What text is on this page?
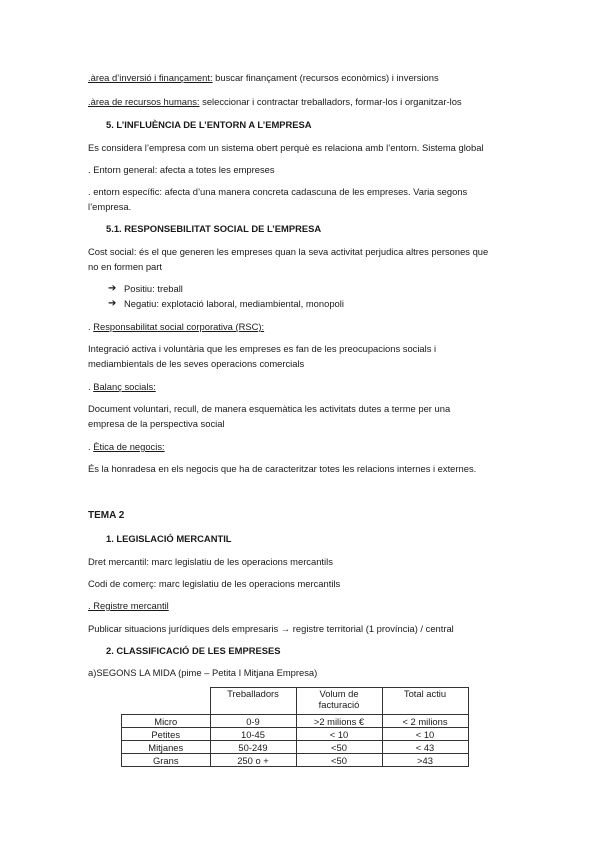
.àrea d’inversió i finançament: buscar finançament (recursos econòmics) i inversions
.àrea de recursos humans: seleccionar i contractar treballadors, formar-los i organitzar-los
5. L’INFLUÈNCIA DE L’ENTORN A L’EMPRESA
Es considera l’empresa com un sistema obert perquè es relaciona amb l’entorn. Sistema global
. Entorn general: afecta a totes les empreses
. entorn específic: afecta d’una manera concreta cadascuna de les empreses. Varia segons
l’empresa.
5.1. RESPONSEBILITAT SOCIAL DE L’EMPRESA
Cost social: és el que generen les empreses quan la seva activitat perjudica altres persones que
no en formen part
➔ Positiu: treball
➔ Negatiu: explotació laboral, mediambiental, monopoli
. Responsabilitat social corporativa (RSC):
Integració activa i voluntària que les empreses es fan de les preocupacions socials i
mediambientals de les seves operacions comercials
. Balanç socials:
Document voluntari, recull, de manera esquemàtica les activitats dutes a terme per una
empresa de la perspectiva social
. Ètica de negocis:
És la honradesa en els negocis que ha de caracteritzar totes les relacions internes i externes.
TEMA 2
1. LEGISLACIÓ MERCANTIL
Dret mercantil: marc legislatiu de les operacions mercantils
Codi de comerç: marc legislatiu de les operacions mercantils
. Registre mercantil
Publicar situacions jurídiques dels empresaris → registre territorial (1 província) / central
2. CLASSIFICACIÓ DE LES EMPRESES
a)SEGONS LA MIDA (pime – Petita I Mitjana Empresa)
	Treballadors	Volum de facturació	Total actiu
Micro	0-9	>2 milions €	< 2 milions
Petites	10-45	< 10	< 10
Mitjanes	50-249	<50	< 43
Grans	250 o +	<50	>43
